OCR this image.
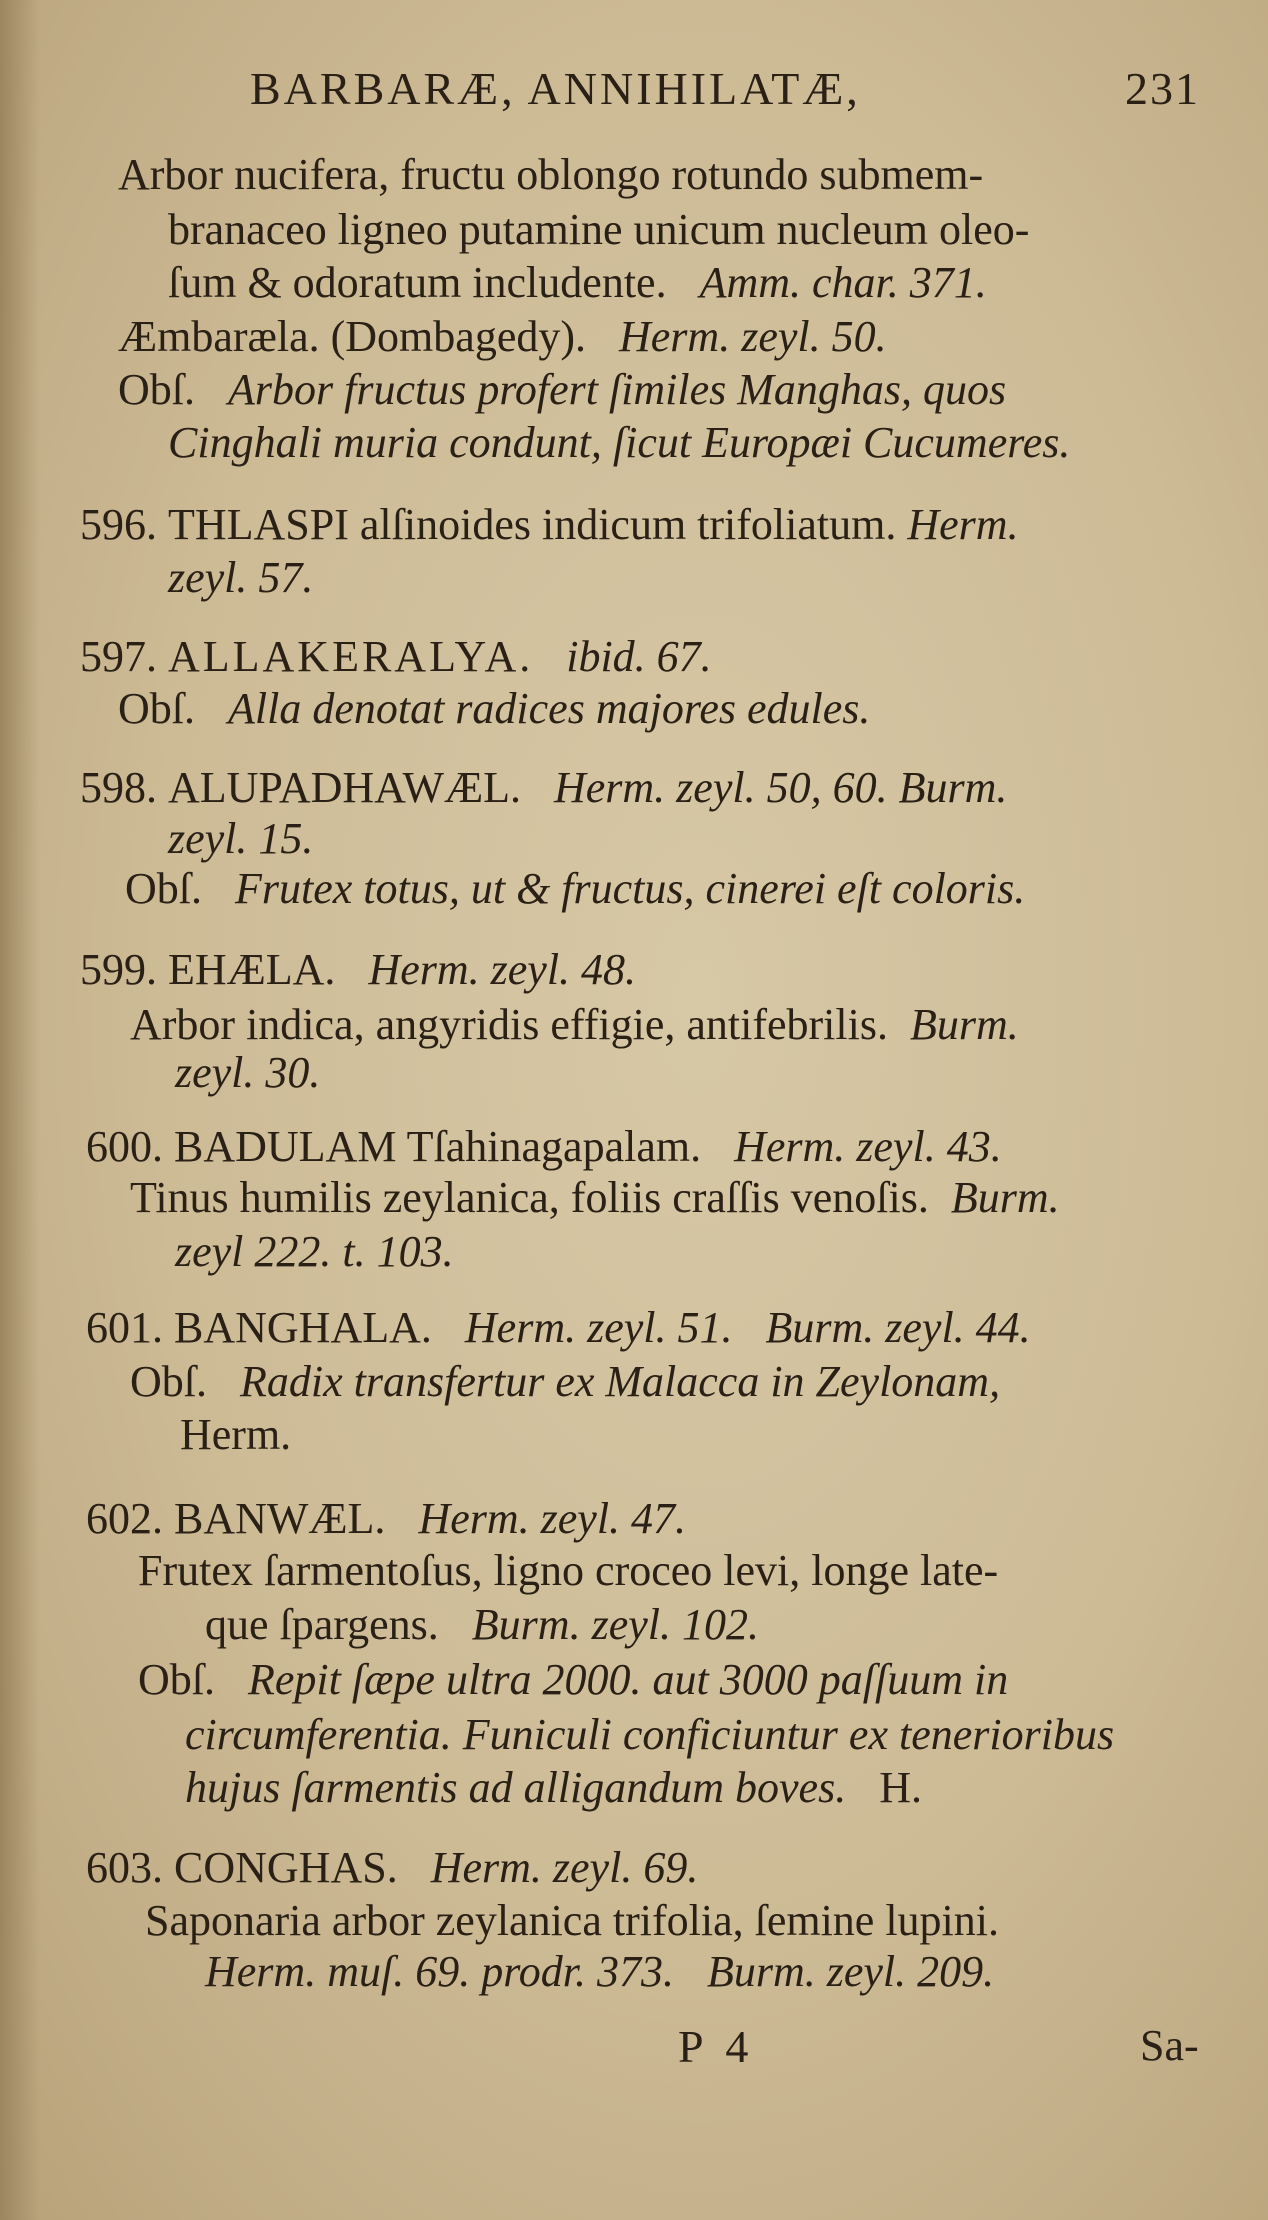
BARBARÆ, ANNIHILATÆ,	231
Arbor nucifera, fructu oblongo rotundo submem-
branaceo ligneo putamine unicum nucleum oleo-
ſum & odoratum includente. Amm. char. 371.
Æmbaræla. (Dombagedy). Herm. zeyl. 50.
Obſ. Arbor fructus profert ſimiles Manghas, quos
Cinghali muria condunt, ſicut Europæi Cucumeres.
596. THLASPI alſinoides indicum trifoliatum. Herm.
zeyl. 57.
597. ALLAKERALYA. ibid. 67.
Obſ. Alla denotat radices majores edules.
598. ALUPADHAWÆL. Herm. zeyl. 50, 60. Burm.
zeyl. 15.
Obſ. Frutex totus, ut & fructus, cinerei eſt coloris.
599. EHÆLA. Herm. zeyl. 48.
Arbor indica, angyridis effigie, antifebrilis. Burm.
zeyl. 30.
600. BADULAM Tſahinagapalam. Herm. zeyl. 43.
Tinus humilis zeylanica, foliis craſſis venoſis. Burm.
zeyl 222. t. 103.
601. BANGHALA. Herm. zeyl. 51. Burm. zeyl. 44.
Obſ. Radix transfertur ex Malacca in Zeylonam,
Herm.
602. BANWÆL. Herm. zeyl. 47.
Frutex ſarmentoſus, ligno croceo levi, longe late-
que ſpargens. Burm. zeyl. 102.
Obſ. Repit ſæpe ultra 2000. aut 3000 paſſuum in
circumferentia. Funiculi conficiuntur ex tenerioribus
hujus ſarmentis ad alligandum boves. H.
603. CONGHAS. Herm. zeyl. 69.
Saponaria arbor zeylanica trifolia, ſemine lupini.
Herm. muſ. 69. prodr. 373. Burm. zeyl. 209.
P 4	Sa-
